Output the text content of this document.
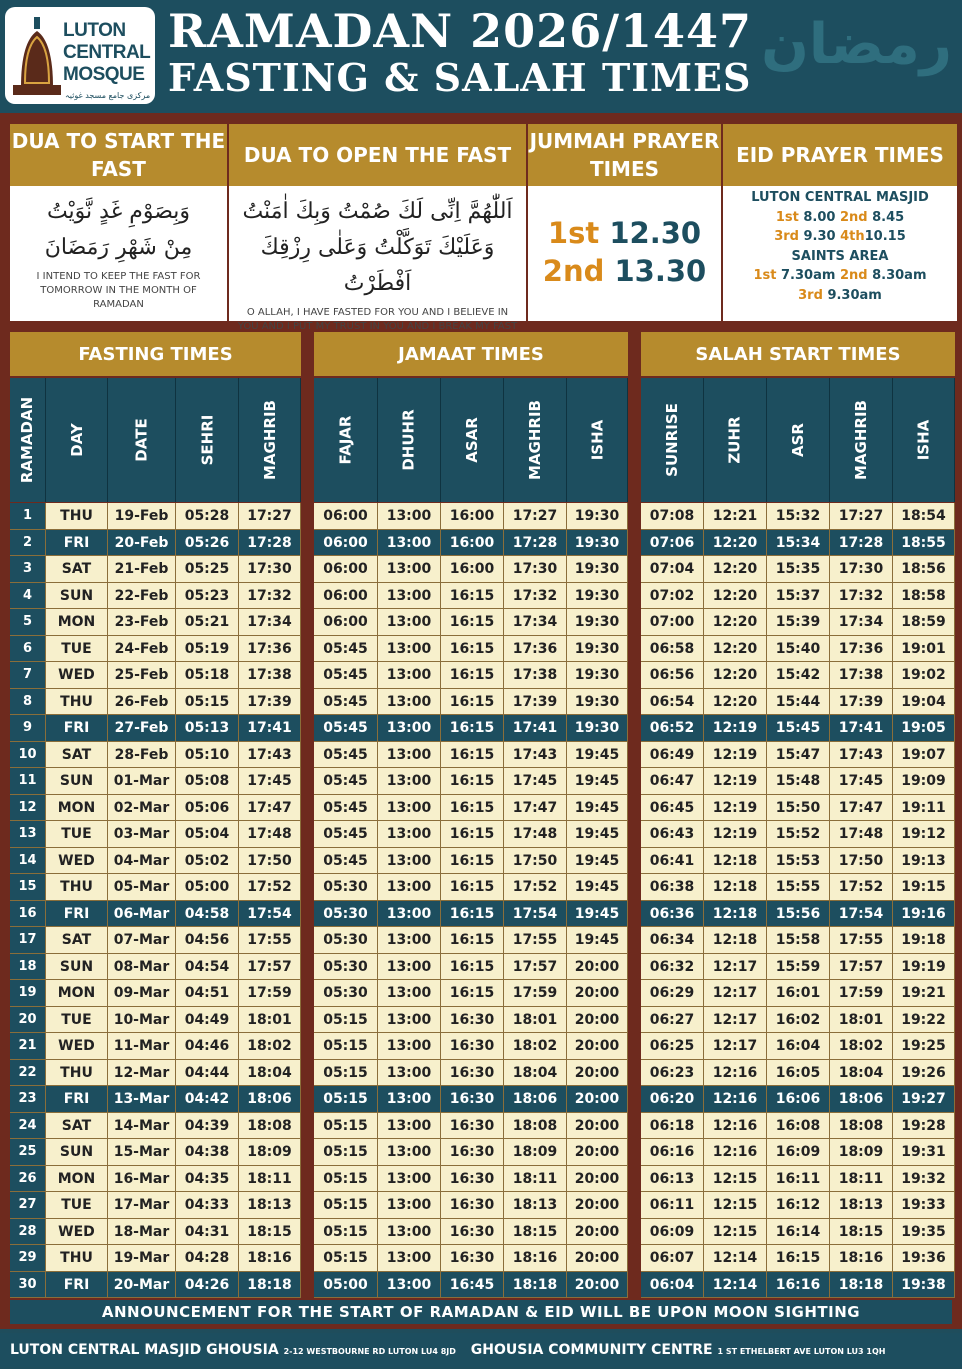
LUTON
CENTRAL
MOSQUE
مرکزی جامع مسجد غوثیہ
رمضان
RAMADAN 2026/1447
FASTING & SALAH TIMES
DUA TO START THE FAST
DUA TO OPEN THE FAST
JUMMAH PRAYER TIMES
EID PRAYER TIMES
وَبِصَوْمِ غَدٍ نَّوَيْتُ
مِنْ شَهْرِ رَمَضَانَ
I INTEND TO KEEP THE FAST FOR TOMORROW IN THE MONTH OF RAMADAN
اَللّٰهُمَّ اِنِّى لَكَ صُمْتُ وَبِكَ اٰمَنْتُ
وَعَلَيْكَ تَوَكَّلْتُ وَعَلٰى رِزْقِكَ اَفْطَرْتُ
O ALLAH, I HAVE FASTED FOR YOU AND I BELIEVE IN YOU AND I PUT MY TRUST IN YOU AND I BREAK MY FAST
1st 12.30
2nd 13.30
LUTON CENTRAL MASJID
1st 8.00 2nd 8.45
3rd 9.30 4th10.15
SAINTS AREA
1st 7.30am 2nd 8.30am
3rd 9.30am
FASTING TIMES	JAMAAT TIMES	SALAH START TIMES
RAMADAN DAY	DATE	SEHRI	MAGHRIB	FAJAR	DHUHR	ASAR	MAGHRIB	ISHA	SUNRISE	ZUHR	ASR	MAGHRIB	ISHA
1	THU	19-Feb	05:28	17:27	06:00	13:00	16:00	17:27	19:30	07:08	12:21	15:32	17:27	18:54
2	FRI	20-Feb	05:26	17:28	06:00	13:00	16:00	17:28	19:30	07:06	12:20	15:34	17:28	18:55
3	SAT	21-Feb	05:25	17:30	06:00	13:00	16:00	17:30	19:30	07:04	12:20	15:35	17:30	18:56
4	SUN	22-Feb	05:23	17:32	06:00	13:00	16:15	17:32	19:30	07:02	12:20	15:37	17:32	18:58
5	MON	23-Feb	05:21	17:34	06:00	13:00	16:15	17:34	19:30	07:00	12:20	15:39	17:34	18:59
6	TUE	24-Feb	05:19	17:36	05:45	13:00	16:15	17:36	19:30	06:58	12:20	15:40	17:36	19:01
7	WED	25-Feb	05:18	17:38	05:45	13:00	16:15	17:38	19:30	06:56	12:20	15:42	17:38	19:02
8	THU	26-Feb	05:15	17:39	05:45	13:00	16:15	17:39	19:30	06:54	12:20	15:44	17:39	19:04
9	FRI	27-Feb	05:13	17:41	05:45	13:00	16:15	17:41	19:30	06:52	12:19	15:45	17:41	19:05
10	SAT	28-Feb	05:10	17:43	05:45	13:00	16:15	17:43	19:45	06:49	12:19	15:47	17:43	19:07
11	SUN	01-Mar	05:08	17:45	05:45	13:00	16:15	17:45	19:45	06:47	12:19	15:48	17:45	19:09
12	MON	02-Mar	05:06	17:47	05:45	13:00	16:15	17:47	19:45	06:45	12:19	15:50	17:47	19:11
13	TUE	03-Mar	05:04	17:48	05:45	13:00	16:15	17:48	19:45	06:43	12:19	15:52	17:48	19:12
14	WED	04-Mar	05:02	17:50	05:45	13:00	16:15	17:50	19:45	06:41	12:18	15:53	17:50	19:13
15	THU	05-Mar	05:00	17:52	05:30	13:00	16:15	17:52	19:45	06:38	12:18	15:55	17:52	19:15
16	FRI	06-Mar	04:58	17:54	05:30	13:00	16:15	17:54	19:45	06:36	12:18	15:56	17:54	19:16
17	SAT	07-Mar	04:56	17:55	05:30	13:00	16:15	17:55	19:45	06:34	12:18	15:58	17:55	19:18
18	SUN	08-Mar	04:54	17:57	05:30	13:00	16:15	17:57	20:00	06:32	12:17	15:59	17:57	19:19
19	MON	09-Mar	04:51	17:59	05:30	13:00	16:15	17:59	20:00	06:29	12:17	16:01	17:59	19:21
20	TUE	10-Mar	04:49	18:01	05:15	13:00	16:30	18:01	20:00	06:27	12:17	16:02	18:01	19:22
21	WED	11-Mar	04:46	18:02	05:15	13:00	16:30	18:02	20:00	06:25	12:17	16:04	18:02	19:25
22	THU	12-Mar	04:44	18:04	05:15	13:00	16:30	18:04	20:00	06:23	12:16	16:05	18:04	19:26
23	FRI	13-Mar	04:42	18:06	05:15	13:00	16:30	18:06	20:00	06:20	12:16	16:06	18:06	19:27
24	SAT	14-Mar	04:39	18:08	05:15	13:00	16:30	18:08	20:00	06:18	12:16	16:08	18:08	19:28
25	SUN	15-Mar	04:38	18:09	05:15	13:00	16:30	18:09	20:00	06:16	12:16	16:09	18:09	19:31
26	MON	16-Mar	04:35	18:11	05:15	13:00	16:30	18:11	20:00	06:13	12:15	16:11	18:11	19:32
27	TUE	17-Mar	04:33	18:13	05:15	13:00	16:30	18:13	20:00	06:11	12:15	16:12	18:13	19:33
28	WED	18-Mar	04:31	18:15	05:15	13:00	16:30	18:15	20:00	06:09	12:15	16:14	18:15	19:35
29	THU	19-Mar	04:28	18:16	05:15	13:00	16:30	18:16	20:00	06:07	12:14	16:15	18:16	19:36
30	FRI	20-Mar	04:26	18:18	05:00	13:00	16:45	18:18	20:00	06:04	12:14	16:16	18:18	19:38
ANNOUNCEMENT FOR THE START OF RAMADAN & EID WILL BE UPON MOON SIGHTING
LUTON CENTRAL MASJID GHOUSIA 2-12 WESTBOURNE RD LUTON LU4 8JD GHOUSIA COMMUNITY CENTRE 1 ST ETHELBERT AVE LUTON LU3 1QH
